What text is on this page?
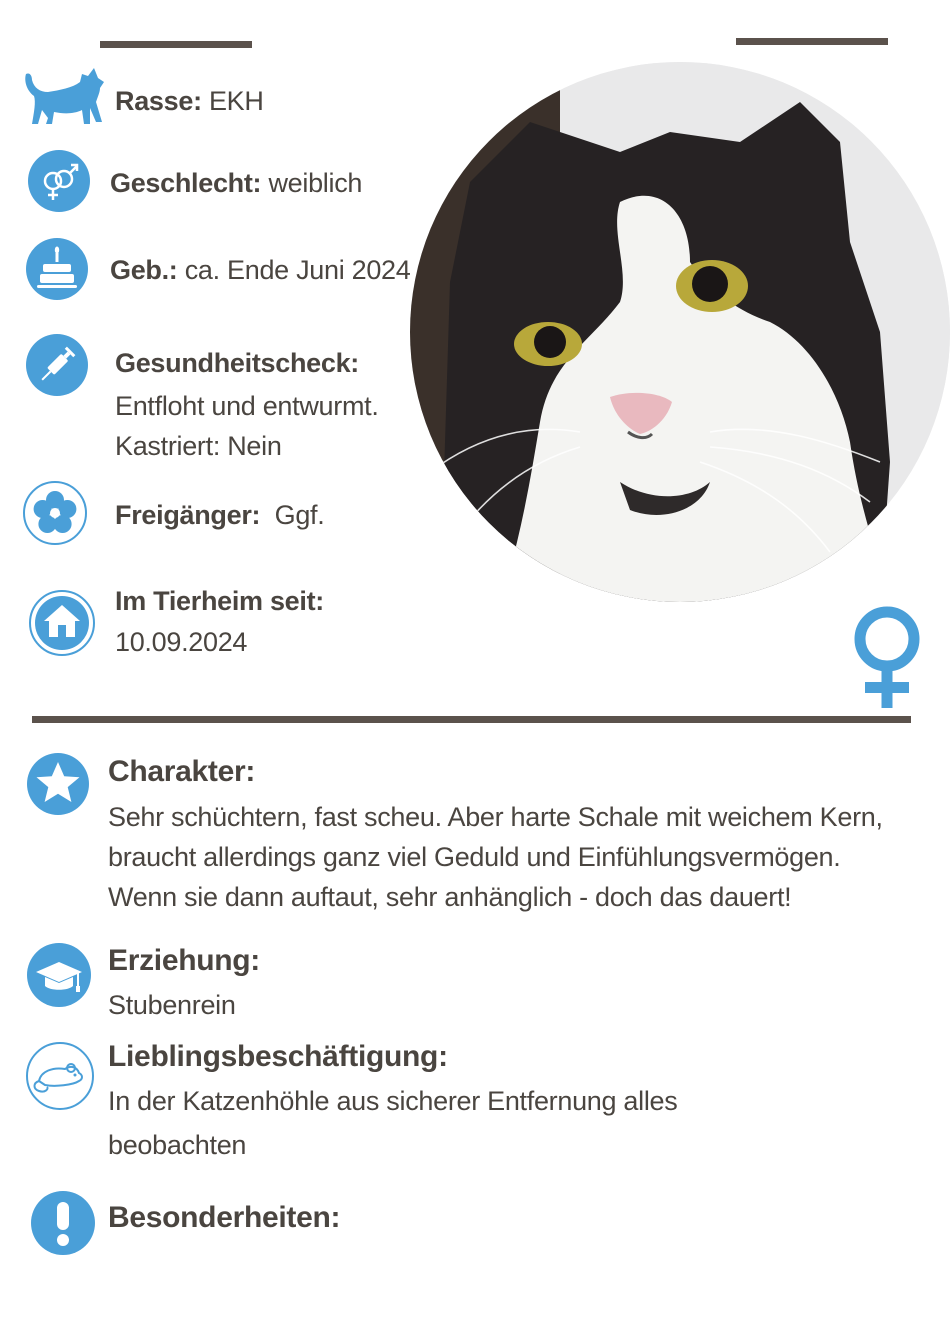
Rasse: EKH
Geschlecht: weiblich
Geb.: ca. Ende Juni 2024
Gesundheitscheck:
Entfloht und entwurmt.
Kastriert: Nein
Freigänger: Ggf.
Im Tierheim seit:
10.09.2024
Charakter:
Sehr schüchtern, fast scheu. Aber harte Schale mit weichem Kern,
braucht allerdings ganz viel Geduld und Einfühlungsvermögen.
Wenn sie dann auftaut, sehr anhänglich - doch das dauert!
Erziehung:
Stubenrein
Lieblingsbeschäftigung:
In der Katzenhöhle aus sicherer Entfernung alles
beobachten
Besonderheiten:
